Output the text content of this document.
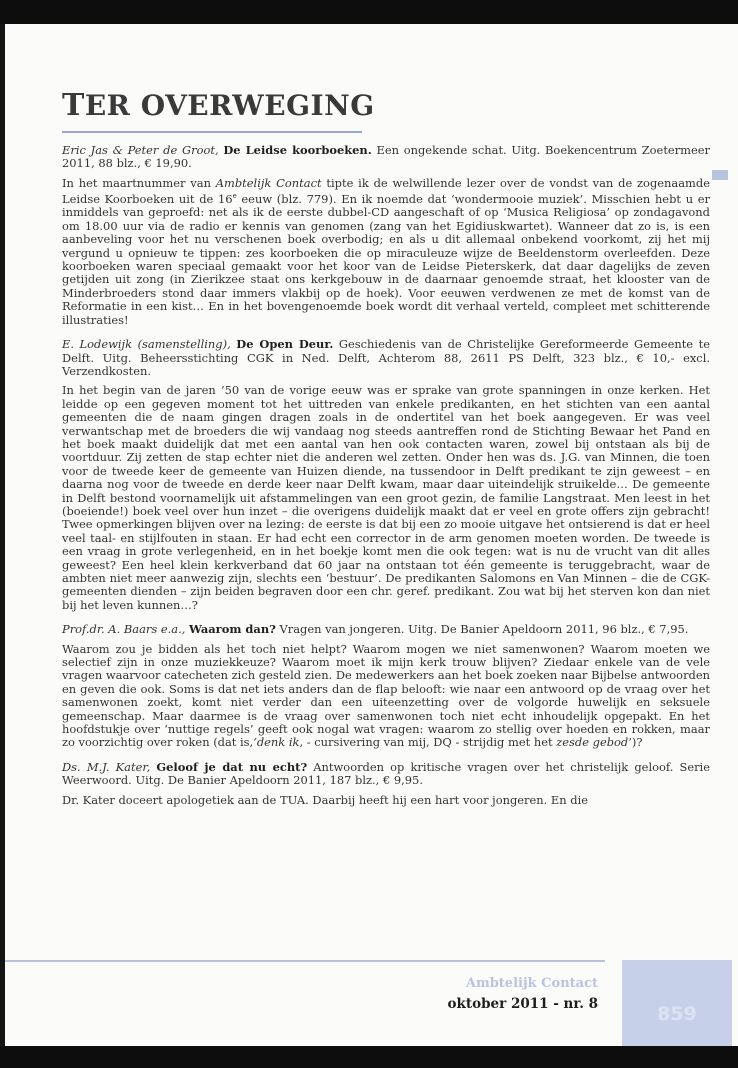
TER OVERWEGING

Eric Jas & Peter de Groot, De Leidse koorboeken. Een ongekende schat. Uitg. Boekencentrum Zoetermeer 2011, 88 blz., € 19,90.

In het maartnummer van Ambtelijk Contact tipte ik de welwillende lezer over de vondst van de zogenaamde Leidse Koorboeken uit de 16e eeuw (blz. 779). En ik noemde dat ‘wondermooie muziek’. Misschien hebt u er inmiddels van geproefd: net als ik de eerste dubbel-CD aangeschaft of op ‘Musica Religiosa’ op zondagavond om 18.00 uur via de radio er kennis van genomen (zang van het Egidiuskwartet). Wanneer dat zo is, is een aanbeveling voor het nu verschenen boek overbodig; en als u dit allemaal onbekend voorkomt, zij het mij vergund u opnieuw te tippen: zes koorboeken die op miraculeuze wijze de Beeldenstorm overleefden. Deze koorboeken waren speciaal gemaakt voor het koor van de Leidse Pieterskerk, dat daar dagelijks de zeven getijden uit zong (in Zierikzee staat ons kerkgebouw in de daarnaar genoemde straat, het klooster van de Minderbroeders stond daar immers vlakbij op de hoek). Voor eeuwen verdwenen ze met de komst van de Reformatie in een kist… En in het bovengenoemde boek wordt dit verhaal verteld, compleet met schitterende illustraties!

E. Lodewijk (samenstelling), De Open Deur. Geschiedenis van de Christelijke Gereformeerde Gemeente te Delft. Uitg. Beheersstichting CGK in Ned. Delft, Achterom 88, 2611 PS Delft, 323 blz., € 10,- excl. Verzendkosten.

In het begin van de jaren ’50 van de vorige eeuw was er sprake van grote spanningen in onze kerken. Het leidde op een gegeven moment tot het uittreden van enkele predikanten, en het stichten van een aantal gemeenten die de naam gingen dragen zoals in de ondertitel van het boek aangegeven. Er was veel verwantschap met de broeders die wij vandaag nog steeds aantreffen rond de Stichting Bewaar het Pand en het boek maakt duidelijk dat met een aantal van hen ook contacten waren, zowel bij ontstaan als bij de voortduur. Zij zetten de stap echter niet die anderen wel zetten. Onder hen was ds. J.G. van Minnen, die toen voor de tweede keer de gemeente van Huizen diende, na tussendoor in Delft predikant te zijn geweest – en daarna nog voor de tweede en derde keer naar Delft kwam, maar daar uiteindelijk struikelde… De gemeente in Delft bestond voornamelijk uit afstammelingen van een groot gezin, de familie Langstraat. Men leest in het (boeiende!) boek veel over hun inzet – die overigens duidelijk maakt dat er veel en grote offers zijn gebracht! Twee opmerkingen blijven over na lezing: de eerste is dat bij een zo mooie uitgave het ontsierend is dat er heel veel taal- en stijlfouten in staan. Er had echt een corrector in de arm genomen moeten worden. De tweede is een vraag in grote verlegenheid, en in het boekje komt men die ook tegen: wat is nu de vrucht van dit alles geweest? Een heel klein kerkverband dat 60 jaar na ontstaan tot één gemeente is teruggebracht, waar de ambten niet meer aanwezig zijn, slechts een ‘bestuur’. De predikanten Salomons en Van Minnen – die de CGK-gemeenten dienden – zijn beiden begraven door een chr. geref. predikant. Zou wat bij het sterven kon dan niet bij het leven kunnen…?

Prof.dr. A. Baars e.a., Waarom dan? Vragen van jongeren. Uitg. De Banier Apeldoorn 2011, 96 blz., € 7,95.

Waarom zou je bidden als het toch niet helpt? Waarom mogen we niet samenwonen? Waarom moeten we selectief zijn in onze muziekkeuze? Waarom moet ik mijn kerk trouw blijven? Ziedaar enkele van de vele vragen waarvoor catecheten zich gesteld zien. De medewerkers aan het boek zoeken naar Bijbelse antwoorden en geven die ook. Soms is dat net iets anders dan de flap belooft: wie naar een antwoord op de vraag over het samenwonen zoekt, komt niet verder dan een uiteenzetting over de volgorde huwelijk en seksuele gemeenschap. Maar daarmee is de vraag over samenwonen toch niet echt inhoudelijk opgepakt. En het hoofdstukje over ‘nuttige regels’ geeft ook nogal wat vragen: waarom zo stellig over hoeden en rokken, maar zo voorzichtig over roken (dat is,‘denk ik, - cursivering van mij, DQ - strijdig met het zesde gebod’)?

Ds. M.J. Kater, Geloof je dat nu echt? Antwoorden op kritische vragen over het christelijk geloof. Serie Weerwoord. Uitg. De Banier Apeldoorn 2011, 187 blz., € 9,95.

Dr. Kater doceert apologetiek aan de TUA. Daarbij heeft hij een hart voor jongeren. En die

859
Ambtelijk Contact
oktober 2011 - nr. 8
